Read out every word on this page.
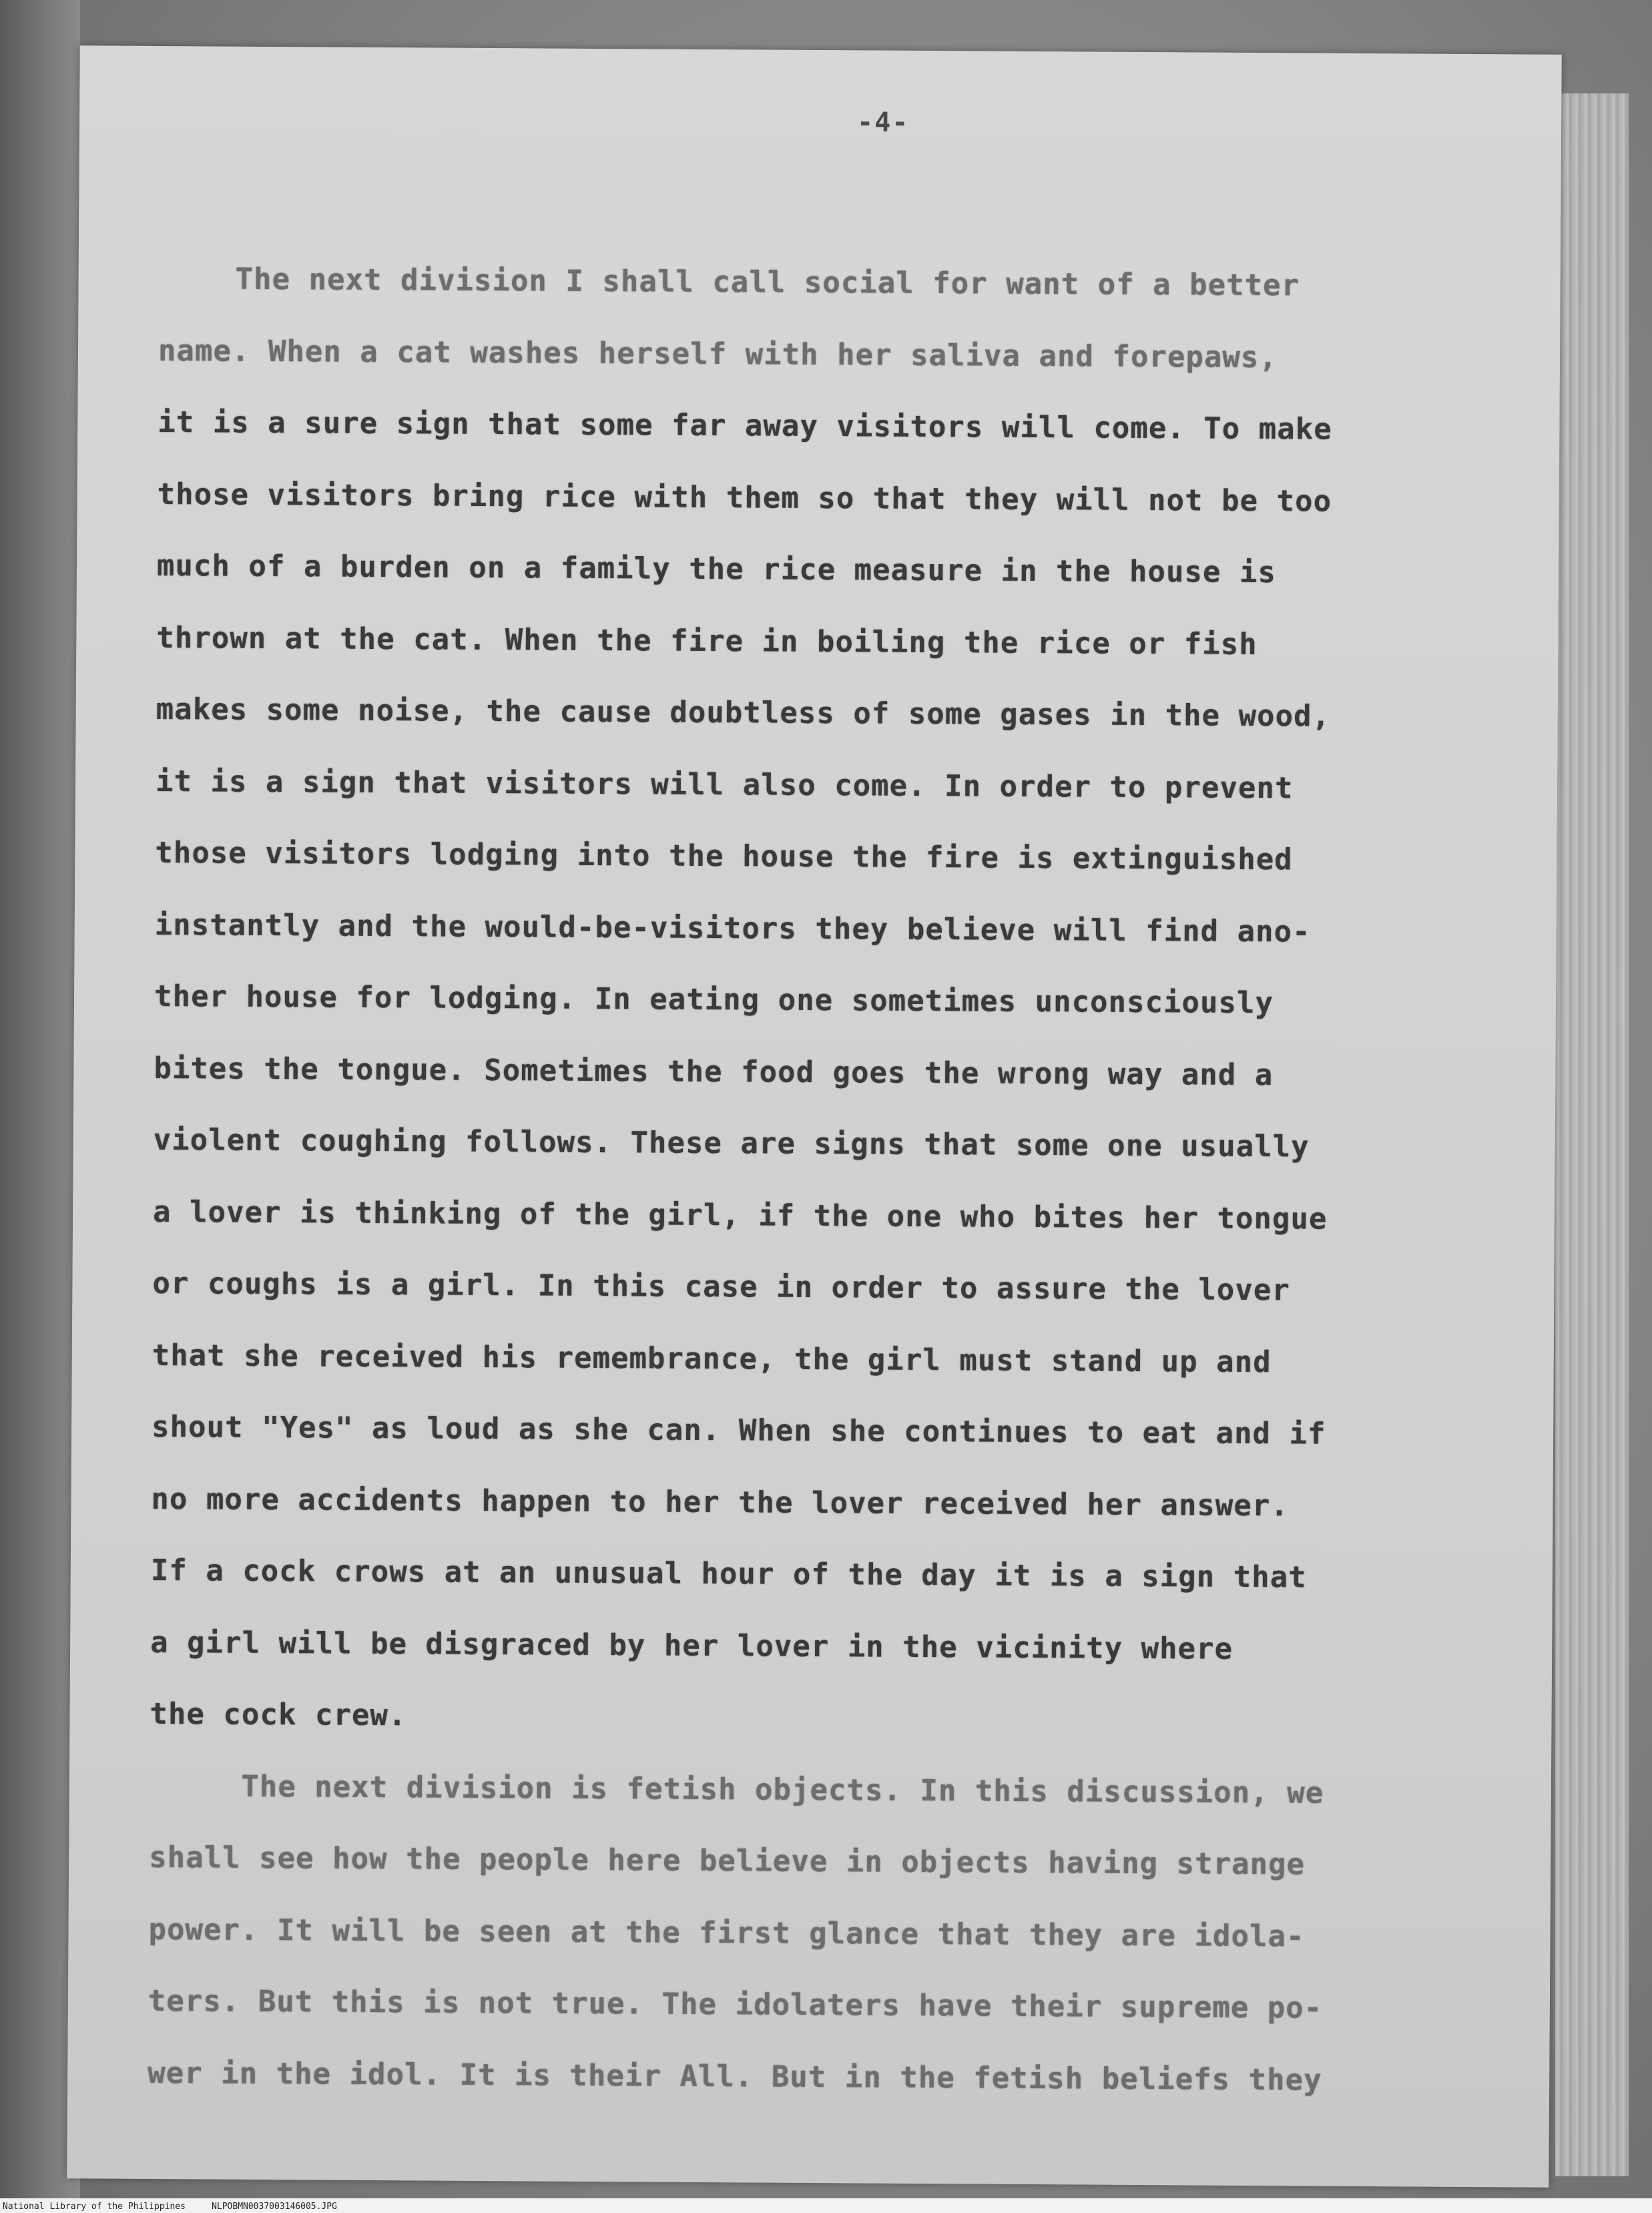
-4-
The next division I shall call social for want of a better
name. When a cat washes herself with her saliva and forepaws,
it is a sure sign that some far away visitors will come. To make
those visitors bring rice with them so that they will not be too
much of a burden on a family the rice measure in the house is
thrown at the cat. When the fire in boiling the rice or fish
makes some noise, the cause doubtless of some gases in the wood,
it is a sign that visitors will also come. In order to prevent
those visitors lodging into the house the fire is extinguished
instantly and the would-be-visitors they believe will find ano-
ther house for lodging. In eating one sometimes unconsciously
bites the tongue. Sometimes the food goes the wrong way and a
violent coughing follows. These are signs that some one usually
a lover is thinking of the girl, if the one who bites her tongue
or coughs is a girl. In this case in order to assure the lover
that she received his remembrance, the girl must stand up and
shout "Yes" as loud as she can. When she continues to eat and if
no more accidents happen to her the lover received her answer.
If a cock crows at an unusual hour of the day it is a sign that
a girl will be disgraced by her lover in the vicinity where
the cock crew.
The next division is fetish objects. In this discussion, we
shall see how the people here believe in objects having strange
power. It will be seen at the first glance that they are idola-
ters. But this is not true. The idolaters have their supreme po-
wer in the idol. It is their All. But in the fetish beliefs they
National Library of the Philippines     NLPOBMN0037003146005.JPG
